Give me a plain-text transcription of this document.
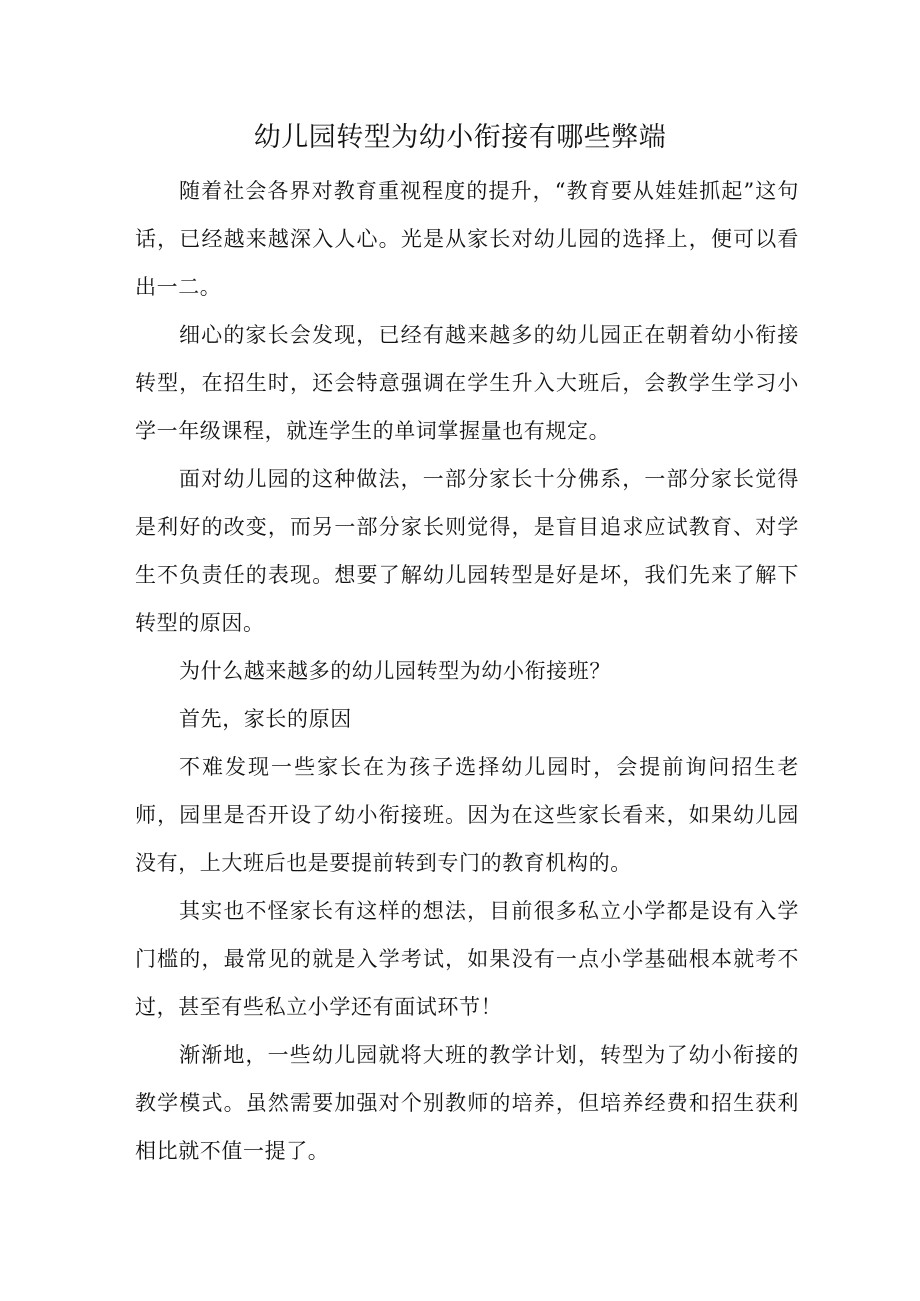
幼儿园转型为幼小衔接有哪些弊端

随着社会各界对教育重视程度的提升，“教育要从娃娃抓起”这句话，已经越来越深入人心。光是从家长对幼儿园的选择上，便可以看出一二。

细心的家长会发现，已经有越来越多的幼儿园正在朝着幼小衔接转型，在招生时，还会特意强调在学生升入大班后，会教学生学习小学一年级课程，就连学生的单词掌握量也有规定。

面对幼儿园的这种做法，一部分家长十分佛系，一部分家长觉得是利好的改变，而另一部分家长则觉得，是盲目追求应试教育、对学生不负责任的表现。想要了解幼儿园转型是好是坏，我们先来了解下转型的原因。

为什么越来越多的幼儿园转型为幼小衔接班？

首先，家长的原因

不难发现一些家长在为孩子选择幼儿园时，会提前询问招生老师，园里是否开设了幼小衔接班。因为在这些家长看来，如果幼儿园没有，上大班后也是要提前转到专门的教育机构的。

其实也不怪家长有这样的想法，目前很多私立小学都是设有入学门槛的，最常见的就是入学考试，如果没有一点小学基础根本就考不过，甚至有些私立小学还有面试环节！

渐渐地，一些幼儿园就将大班的教学计划，转型为了幼小衔接的教学模式。虽然需要加强对个别教师的培养，但培养经费和招生获利相比就不值一提了。
